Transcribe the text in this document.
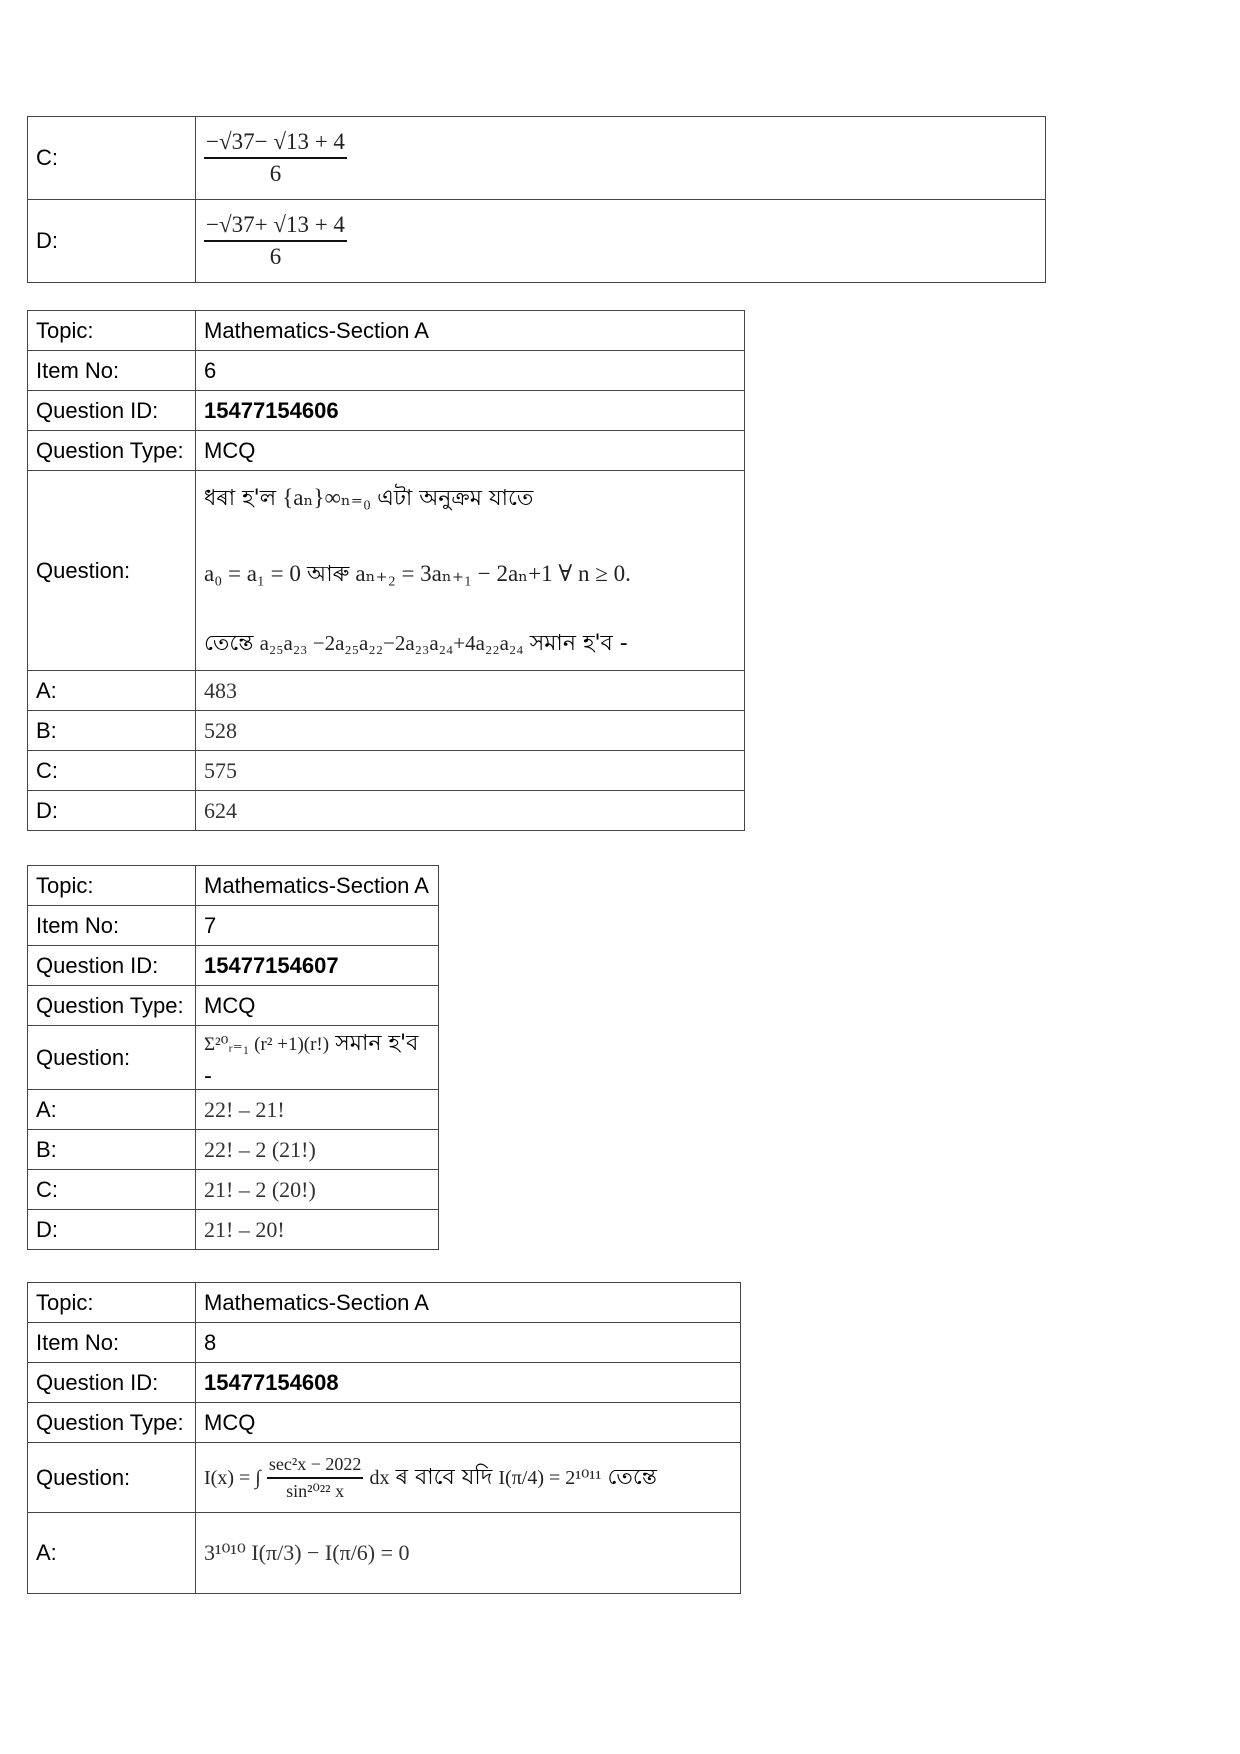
C:	$\frac{-√37- √13 + 4}{6}$

D:	$\frac{-√37+ √13 + 4}{6}$
Topic:	Mathematics-Section A
Item No:	6
Question ID:	15477154606
Question Type:	MCQ
Question:	ধৰা হ'ল {aₙ}∞ₙ₌₀ এটা অনুক্ৰম যাতে
a₀ = a₁ = 0 আৰু aₙ₊₂ = 3aₙ₊₁ − 2aₙ+1 ∀ n ≥ 0.
তেন্তে a₂₅a₂₃ −2a₂₅a₂₂−2a₂₃a₂₄+4a₂₂a₂₄ সমান হ'ব -

A:	483
B:	528
C:	575
D:	624
Topic:	Mathematics-Section A
Item No:	7
Question ID:	15477154607
Question Type:	MCQ
Question:	Σ²⁰ᵣ₌₁ (r² +1)(r!) সমান হ'ব -
A:	22! – 21!
B:	22! – 2 (21!)
C:	21! – 2 (20!)
D:	21! – 20!
Topic:	Mathematics-Section A
Item No:	8
Question ID:	15477154608
Question Type:	MCQ
Question:	I(x) = ∫ $\frac{\text{sec²x − 2022}}{\text{sin²⁰²² x}}$ dx ৰ বাবে যদি I(π/4) = 2¹⁰¹¹ তেন্তে
A:	3¹⁰¹⁰ I(π/3) − I(π/6) = 0
